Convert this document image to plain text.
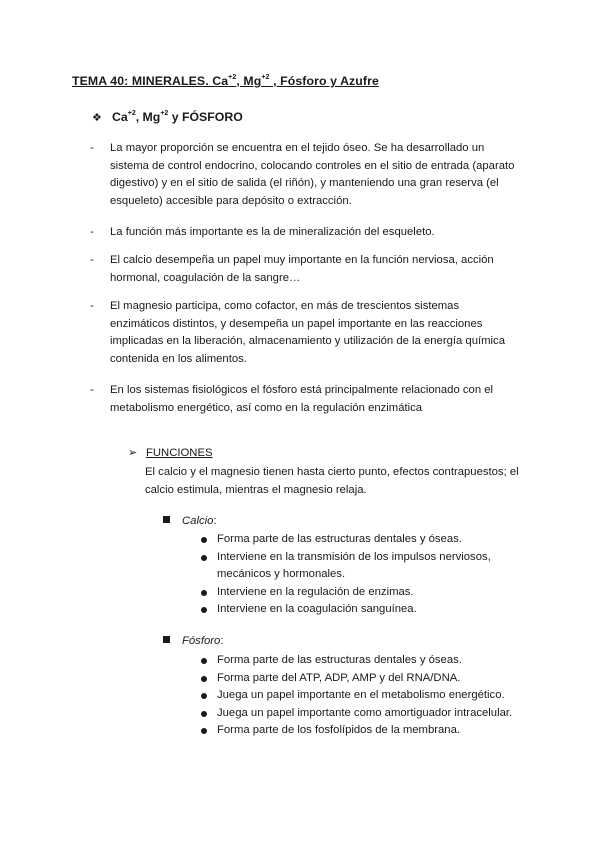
TEMA 40: MINERALES. $Ca^{+2}$, $Mg^{+2}$ , Fósforo y Azufre
❖ $Ca^{+2}$, $Mg^{+2}$ y FÓSFORO
- La mayor proporción se encuentra en el tejido óseo. Se ha desarrollado un sistema de control endocrino, colocando controles en el sitio de entrada (aparato digestivo) y en el sitio de salida (el riñón), y manteniendo una gran reserva (el esqueleto) accesible para depósito o extracción.
- La función más importante es la de mineralización del esqueleto.
- El calcio desempeña un papel muy importante en la función nerviosa, acción hormonal, coagulación de la sangre…
- El magnesio participa, como cofactor, en más de trescientos sistemas enzimáticos distintos, y desempeña un papel importante en las reacciones implicadas en la liberación, almacenamiento y utilización de la energía química contenida en los alimentos.
- En los sistemas fisiológicos el fósforo está principalmente relacionado con el metabolismo energético, así como en la regulación enzimática
➢ FUNCIONES
El calcio y el magnesio tienen hasta cierto punto, efectos contrapuestos; el calcio estimula, mientras el magnesio relaja.
Calcio:
Forma parte de las estructuras dentales y óseas.
Interviene en la transmisión de los impulsos nerviosos, mecánicos y hormonales.
Interviene en la regulación de enzimas.
Interviene en la coagulación sanguínea.
Fósforo:
Forma parte de las estructuras dentales y óseas.
Forma parte del ATP, ADP, AMP y del RNA/DNA.
Juega un papel importante en el metabolismo energético.
Juega un papel importante como amortiguador intracelular.
Forma parte de los fosfolípidos de la membrana.
